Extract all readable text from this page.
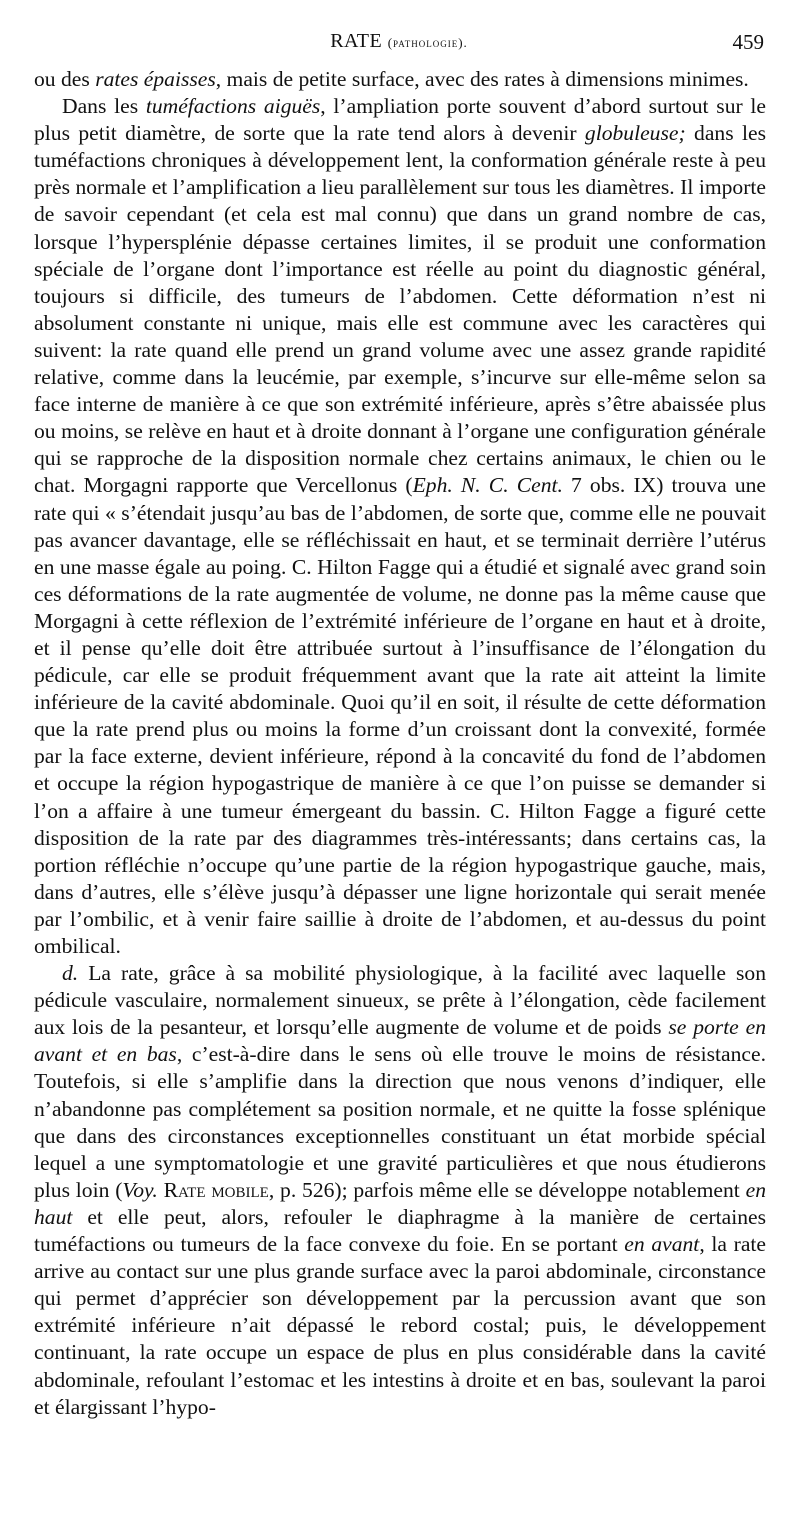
RATE (pathologie).	459

ou des rates épaisses, mais de petite surface, avec des rates à dimensions minimes.

Dans les tuméfactions aiguës, l’ampliation porte souvent d’abord surtout sur le plus petit diamètre, de sorte que la rate tend alors à devenir globuleuse; dans les tuméfactions chroniques à développement lent, la conformation générale reste à peu près normale et l’amplification a lieu parallèlement sur tous les diamètres. Il importe de savoir cependant (et cela est mal connu) que dans un grand nombre de cas, lorsque l’hypersplénie dépasse certaines limites, il se produit une conformation spéciale de l’organe dont l’importance est réelle au point du diagnostic général, toujours si difficile, des tumeurs de l’abdomen. Cette déformation n’est ni absolument constante ni unique, mais elle est commune avec les caractères qui suivent: la rate quand elle prend un grand volume avec une assez grande rapidité relative, comme dans la leucémie, par exemple, s’incurve sur elle-même selon sa face interne de manière à ce que son extrémité inférieure, après s’être abaissée plus ou moins, se relève en haut et à droite donnant à l’organe une configuration générale qui se rapproche de la disposition normale chez certains animaux, le chien ou le chat. Morgagni rapporte que Vercellonus (Eph. N. C. Cent. 7 obs. IX) trouva une rate qui « s’étendait jusqu’au bas de l’abdomen, de sorte que, comme elle ne pouvait pas avancer davantage, elle se réfléchissait en haut, et se terminait derrière l’utérus en une masse égale au poing. C. Hilton Fagge qui a étudié et signalé avec grand soin ces déformations de la rate augmentée de volume, ne donne pas la même cause que Morgagni à cette réflexion de l’extrémité inférieure de l’organe en haut et à droite, et il pense qu’elle doit être attribuée surtout à l’insuffisance de l’élongation du pédicule, car elle se produit fréquemment avant que la rate ait atteint la limite inférieure de la cavité abdominale. Quoi qu’il en soit, il résulte de cette déformation que la rate prend plus ou moins la forme d’un croissant dont la convexité, formée par la face externe, devient inférieure, répond à la concavité du fond de l’abdomen et occupe la région hypogastrique de manière à ce que l’on puisse se demander si l’on a affaire à une tumeur émergeant du bassin. C. Hilton Fagge a figuré cette disposition de la rate par des diagrammes très-intéressants; dans certains cas, la portion réfléchie n’occupe qu’une partie de la région hypogastrique gauche, mais, dans d’autres, elle s’élève jusqu’à dépasser une ligne horizontale qui serait menée par l’ombilic, et à venir faire saillie à droite de l’abdomen, et au-dessus du point ombilical.

d. La rate, grâce à sa mobilité physiologique, à la facilité avec laquelle son pédicule vasculaire, normalement sinueux, se prête à l’élongation, cède facilement aux lois de la pesanteur, et lorsqu’elle augmente de volume et de poids se porte en avant et en bas, c’est-à-dire dans le sens où elle trouve le moins de résistance. Toutefois, si elle s’amplifie dans la direction que nous venons d’indiquer, elle n’abandonne pas complétement sa position normale, et ne quitte la fosse splénique que dans des circonstances exceptionnelles constituant un état morbide spécial lequel a une symptomatologie et une gravité particulières et que nous étudierons plus loin (Voy. Rate mobile, p. 526); parfois même elle se développe notablement en haut et elle peut, alors, refouler le diaphragme à la manière de certaines tuméfactions ou tumeurs de la face convexe du foie. En se portant en avant, la rate arrive au contact sur une plus grande surface avec la paroi abdominale, circonstance qui permet d’apprécier son développement par la percussion avant que son extrémité inférieure n’ait dépassé le rebord costal; puis, le développement continuant, la rate occupe un espace de plus en plus considérable dans la cavité abdominale, refoulant l’estomac et les intestins à droite et en bas, soulevant la paroi et élargissant l’hypo-
